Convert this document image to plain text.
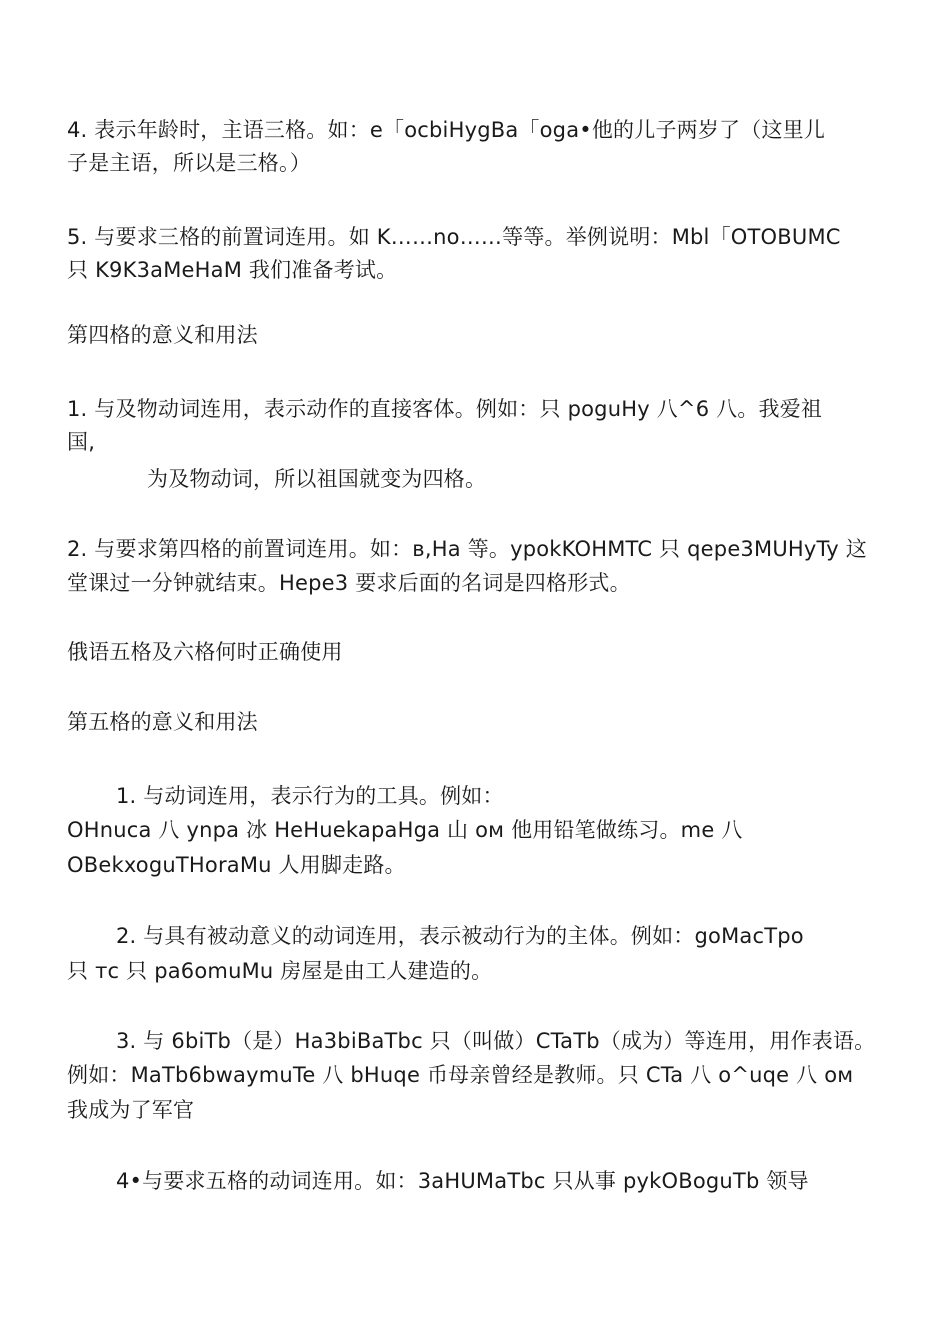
4. 表示年龄时，主语三格。如：e「ocbiHygBa「oga•他的儿子两岁了（这里儿
子是主语，所以是三格。）
5. 与要求三格的前置词连用。如 K……no……等等。举例说明：Mbl「OTOBUMC
只 K9K3aMeHaM 我们准备考试。
第四格的意义和用法
1. 与及物动词连用，表示动作的直接客体。例如：只 poguHy 八^6 八。我爱祖
国,
为及物动词，所以祖国就变为四格。
2. 与要求第四格的前置词连用。如：в,Ha 等。ypokKOHMTC 只 qepe3MUHyTy 这
堂课过一分钟就结束。Hepe3 要求后面的名词是四格形式。
俄语五格及六格何时正确使用
第五格的意义和用法
1. 与动词连用，表示行为的工具。例如：
OHnuca 八 ynpa 冰 HeHuekapaHga 山 ом 他用铅笔做练习。me 八
OBekxoguTHoraMu 人用脚走路。
2. 与具有被动意义的动词连用，表示被动行为的主体。例如：goMacTpo
只 тс 只 pa6omuMu 房屋是由工人建造的。
3. 与 6biTb（是）Ha3biBaTbc 只（叫做）CTaTb（成为）等连用，用作表语。
例如：MaTb6bwaymuTe 八 bHuqe 币母亲曾经是教师。只 CTa 八 o^uqe 八 ом
我成为了军官
4•与要求五格的动词连用。如：3aHUMaTbc 只从事 pykOBoguTb 领导
